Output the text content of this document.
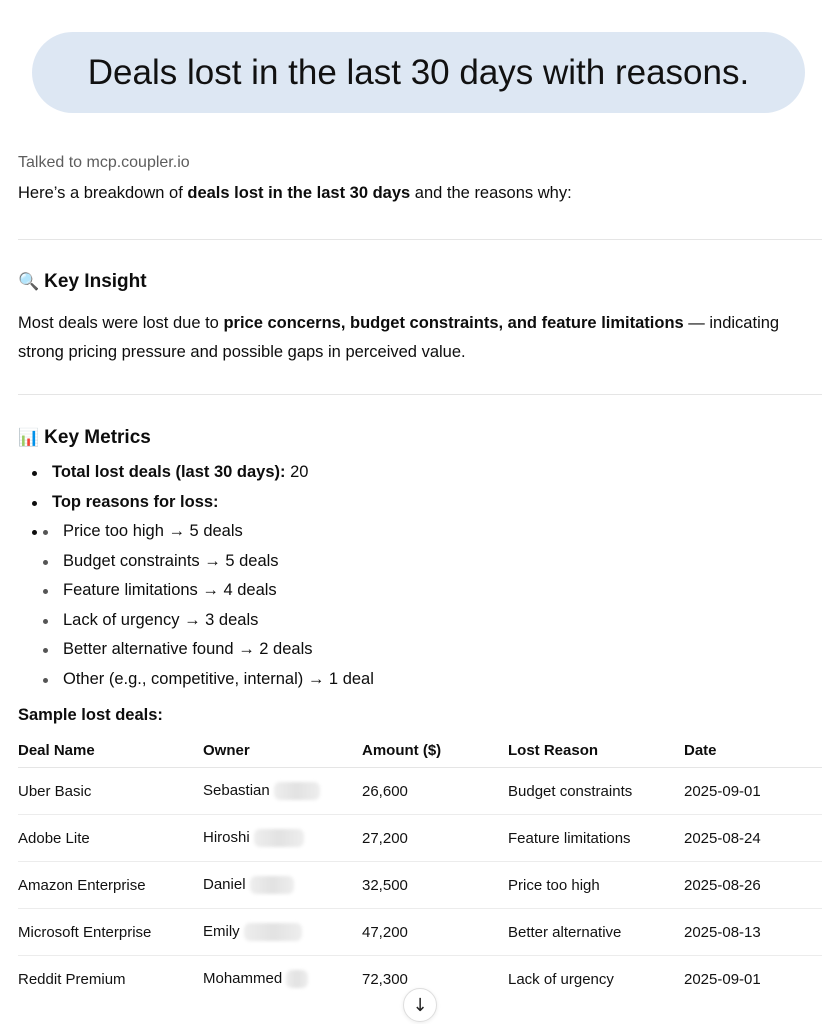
Deals lost in the last 30 days with reasons.
Talked to mcp.coupler.io
Here’s a breakdown of deals lost in the last 30 days and the reasons why:
🔍 Key Insight
Most deals were lost due to price concerns, budget constraints, and feature limitations — indicating strong pricing pressure and possible gaps in perceived value.
📊 Key Metrics
Total lost deals (last 30 days): 20
Top reasons for loss:
Price too high → 5 deals
Budget constraints → 5 deals
Feature limitations → 4 deals
Lack of urgency → 3 deals
Better alternative found → 2 deals
Other (e.g., competitive, internal) → 1 deal
Sample lost deals:
Deal Name	Owner	Amount ($)	Lost Reason	Date
Uber Basic	Sebastian	26,600	Budget constraints	2025-09-01
Adobe Lite	Hiroshi	27,200	Feature limitations	2025-08-24
Amazon Enterprise	Daniel	32,500	Price too high	2025-08-26
Microsoft Enterprise	Emily	47,200	Better alternative	2025-08-13
Reddit Premium	Mohammed	72,300	Lack of urgency	2025-09-01
↓
